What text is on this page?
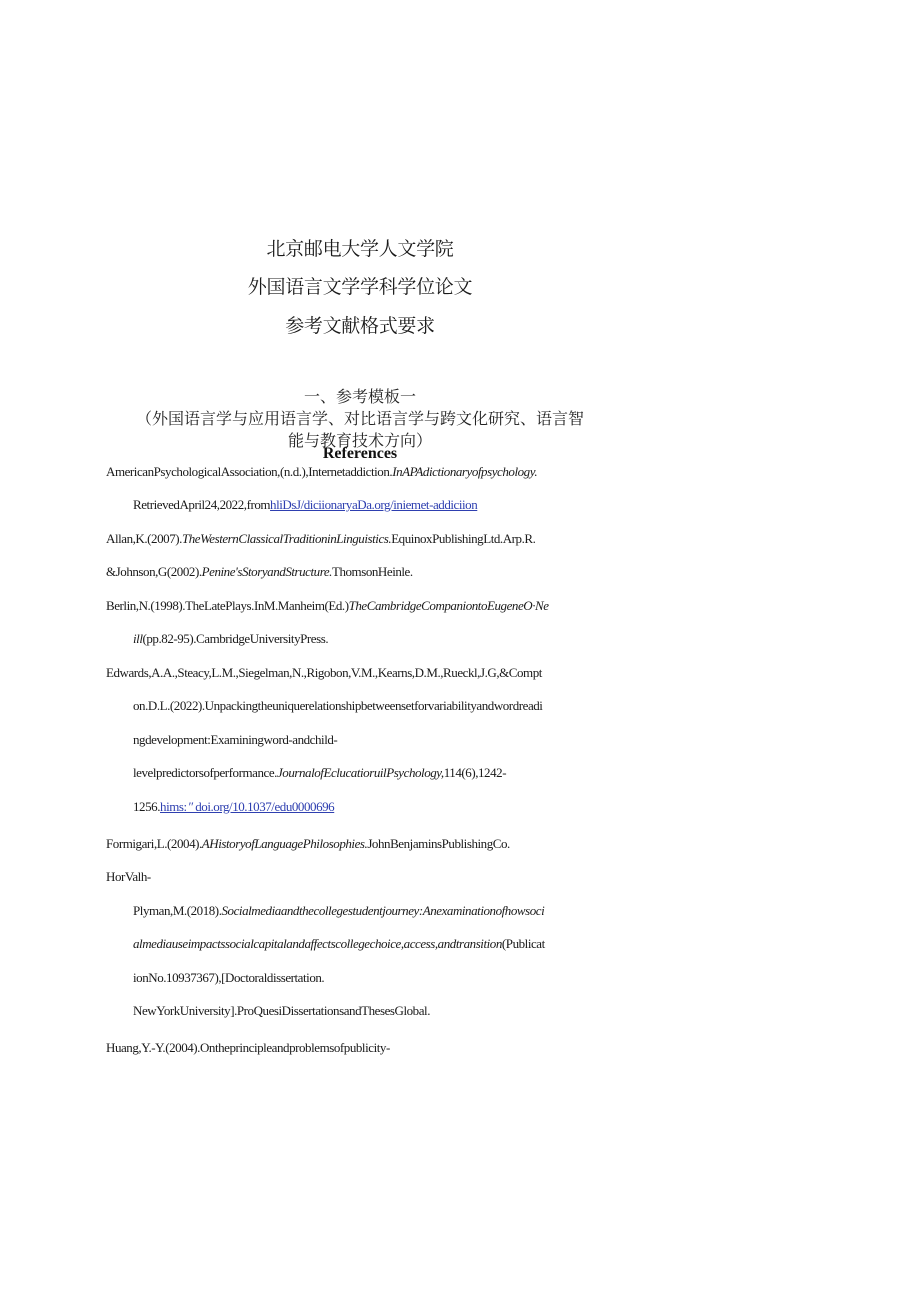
北京邮电大学人文学院
外国语言文学学科学位论文
参考文献格式要求
一、参考模板一
（外国语言学与应用语言学、对比语言学与跨文化研究、语言智
能与教育技术方向）
References
AmericanPsychologicalAssociation,(n.d.),Internetaddiction.InAPAdictionaryofpsychology.
RetrievedApril24,2022,fromhliDsJ/diciionaryaDa.org/iniemet-addiciion
Allan,K.(2007).TheWesternClassicalTraditioninLinguistics.EquinoxPublishingLtd.Arp.R.
&Johnson,G(2002).Penine'sStoryandStructure.ThomsonHeinle.
Berlin,N.(1998).TheLatePlays.InM.Manheim(Ed.)TheCambridgeCompaniontoEugeneO·Ne
ill(pp.82-95).CambridgeUniversityPress.
Edwards,A.A.,Steacy,L.M.,Siegelman,N.,Rigobon,V.M.,Kearns,D.M.,Rueckl,J.G,&Compt
on.D.L.(2022).Unpackingtheuniquerelationshipbetweensetforvariabilityandwordreadi
ngdevelopment:Examiningword-andchild-
levelpredictorsofperformance.JournalofEclucatioruilPsychology,114(6),1242-
1256.hims: ″ doi.org/10.1037/edu0000696
Formigari,L.(2004).AHistoryofLanguagePhilosophies.JohnBenjaminsPublishingCo.
HorValh-
Plyman,M.(2018).Socialmediaandthecollegestudentjourney:Anexaminationofhowsoci
almediauseimpactssocialcapitalandaffectscollegechoice,access,andtransition(Publicat
ionNo.10937367),[Doctoraldissertation.
NewYorkUniversity].ProQuesiDissertationsandThesesGlobal.
Huang,Y.-Y.(2004).Ontheprincipleandproblemsofpublicity-
